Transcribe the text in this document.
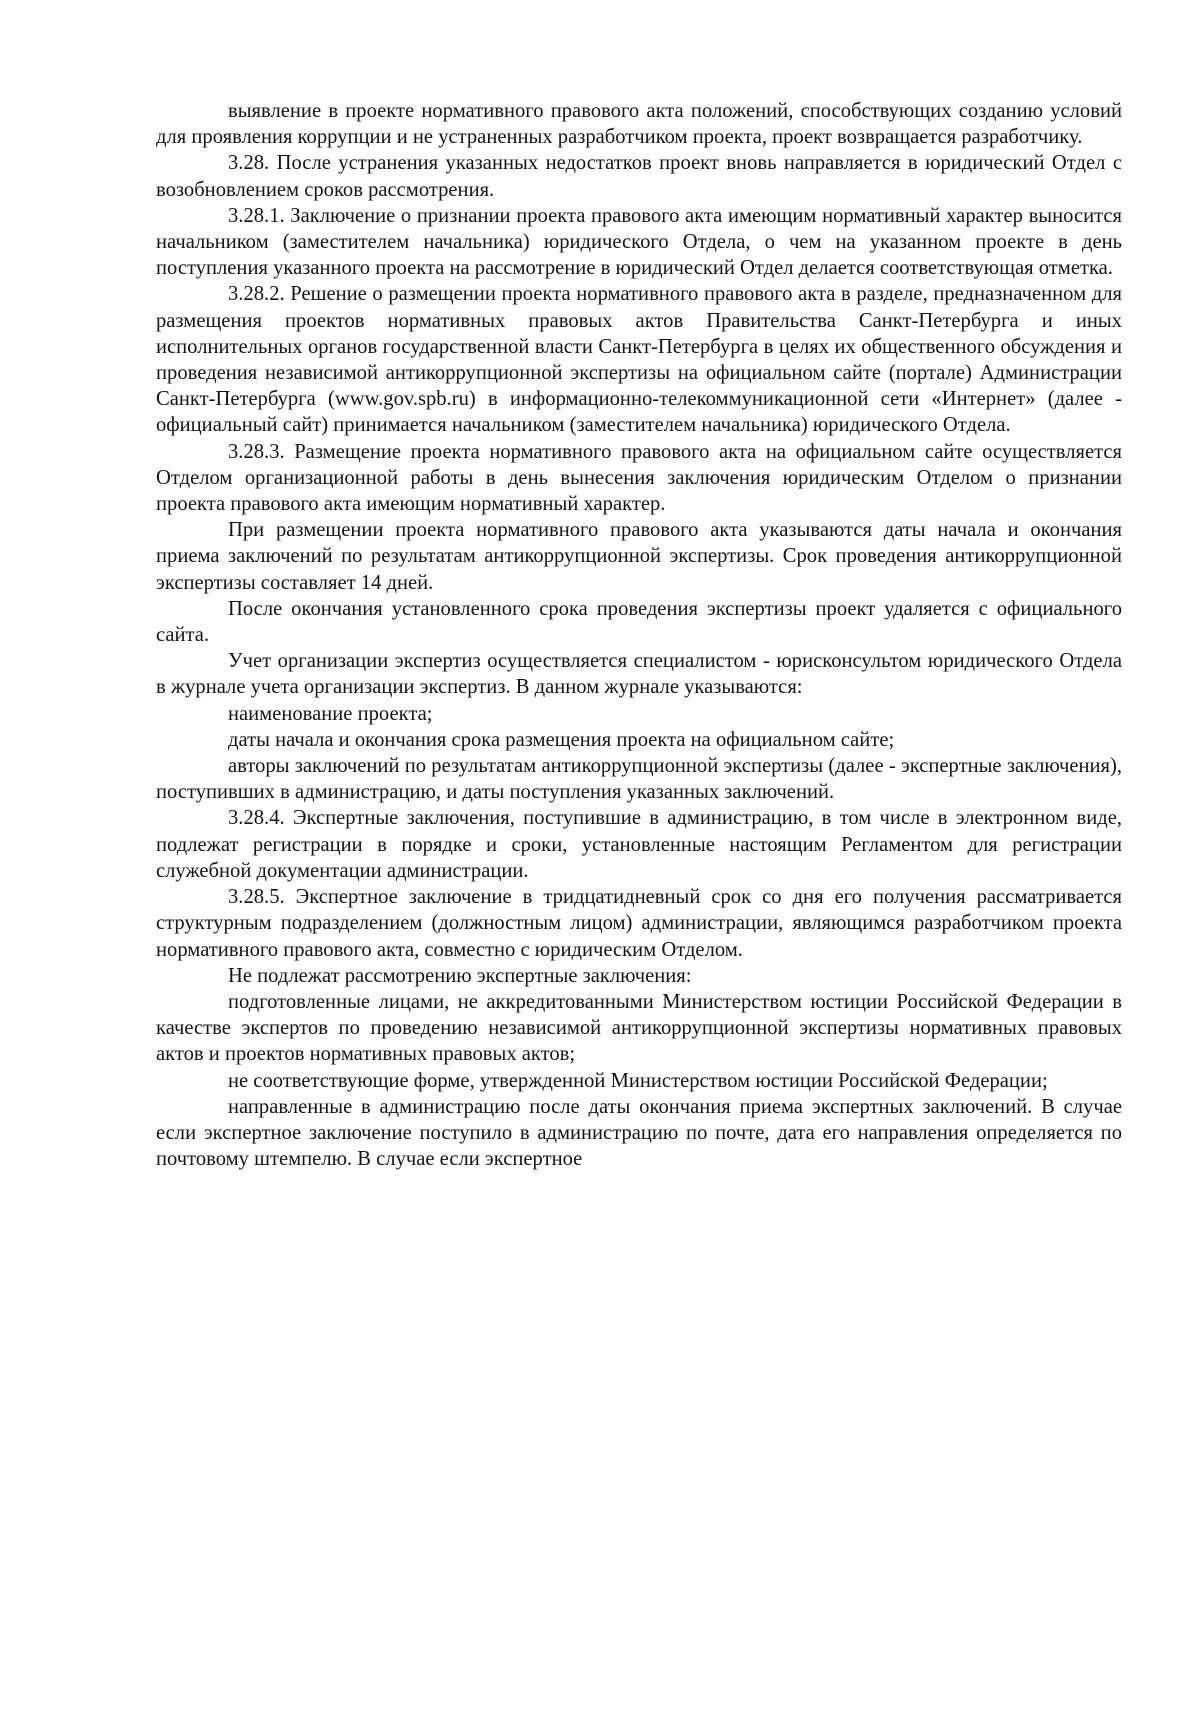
выявление в проекте нормативного правового акта положений, способствующих созданию условий для проявления коррупции и не устраненных разработчиком проекта, проект возвращается разработчику.

3.28. После устранения указанных недостатков проект вновь направляется в юридический Отдел с возобновлением сроков рассмотрения.

3.28.1. Заключение о признании проекта правового акта имеющим нормативный характер выносится начальником (заместителем начальника) юридического Отдела, о чем на указанном проекте в день поступления указанного проекта на рассмотрение в юридический Отдел делается соответствующая отметка.

3.28.2. Решение о размещении проекта нормативного правового акта в разделе, предназначенном для размещения проектов нормативных правовых актов Правительства Санкт-Петербурга и иных исполнительных органов государственной власти Санкт-Петербурга в целях их общественного обсуждения и проведения независимой антикоррупционной экспертизы на официальном сайте (портале) Администрации Санкт-Петербурга (www.gov.spb.ru) в информационно-телекоммуникационной сети «Интернет» (далее - официальный сайт) принимается начальником (заместителем начальника) юридического Отдела.

3.28.3. Размещение проекта нормативного правового акта на официальном сайте осуществляется Отделом организационной работы в день вынесения заключения юридическим Отделом о признании проекта правового акта имеющим нормативный характер.

При размещении проекта нормативного правового акта указываются даты начала и окончания приема заключений по результатам антикоррупционной экспертизы. Срок проведения антикоррупционной экспертизы составляет 14 дней.

После окончания установленного срока проведения экспертизы проект удаляется с официального сайта.

Учет организации экспертиз осуществляется специалистом - юрисконсультом юридического Отдела в журнале учета организации экспертиз. В данном журнале указываются:

наименование проекта;

даты начала и окончания срока размещения проекта на официальном сайте;

авторы заключений по результатам антикоррупционной экспертизы (далее - экспертные заключения), поступивших в администрацию, и даты поступления указанных заключений.

3.28.4. Экспертные заключения, поступившие в администрацию, в том числе в электронном виде, подлежат регистрации в порядке и сроки, установленные настоящим Регламентом для регистрации служебной документации администрации.

3.28.5. Экспертное заключение в тридцатидневный срок со дня его получения рассматривается структурным подразделением (должностным лицом) администрации, являющимся разработчиком проекта нормативного правового акта, совместно с юридическим Отделом.

Не подлежат рассмотрению экспертные заключения:

подготовленные лицами, не аккредитованными Министерством юстиции Российской Федерации в качестве экспертов по проведению независимой антикоррупционной экспертизы нормативных правовых актов и проектов нормативных правовых актов;

не соответствующие форме, утвержденной Министерством юстиции Российской Федерации;

направленные в администрацию после даты окончания приема экспертных заключений. В случае если экспертное заключение поступило в администрацию по почте, дата его направления определяется по почтовому штемпелю. В случае если экспертное
